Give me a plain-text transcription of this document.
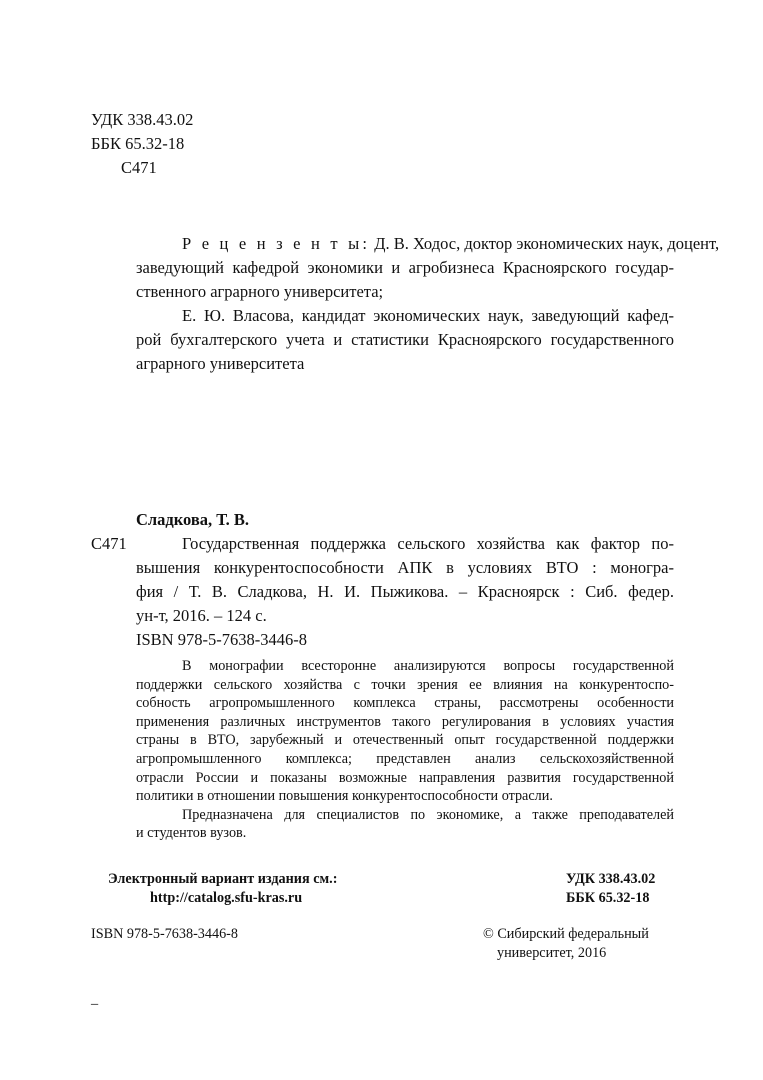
УДК 338.43.02
ББК 65.32-18
С471
Р е ц е н з е н т ы: Д. В. Ходос, доктор экономических наук, доцент,
заведующий кафедрой экономики и агробизнеса Красноярского государ-
ственного аграрного университета;
Е. Ю. Власова, кандидат экономических наук, заведующий кафед-
рой бухгалтерского учета и статистики Красноярского государственного
аграрного университета
Сладкова, Т. В.
С471	Государственная поддержка сельского хозяйства как фактор по-
вышения конкурентоспособности АПК в условиях ВТО : моногра-
фия / Т. В. Сладкова, Н. И. Пыжикова. – Красноярск : Сиб. федер.
ун-т, 2016. – 124 с.
ISBN 978-5-7638-3446-8
В монографии всесторонне анализируются вопросы государственной
поддержки сельского хозяйства с точки зрения ее влияния на конкурентоспо-
собность агропромышленного комплекса страны, рассмотрены особенности
применения различных инструментов такого регулирования в условиях участия
страны в ВТО, зарубежный и отечественный опыт государственной поддержки
агропромышленного комплекса; представлен анализ сельскохозяйственной
отрасли России и показаны возможные направления развития государственной
политики в отношении повышения конкурентоспособности отрасли.
Предназначена для специалистов по экономике, а также преподавателей
и студентов вузов.
Электронный вариант издания см.:
http://catalog.sfu-kras.ru
УДК 338.43.02
ББК 65.32-18
ISBN 978-5-7638-3446-8	© Сибирский федеральный
университет, 2016
_
